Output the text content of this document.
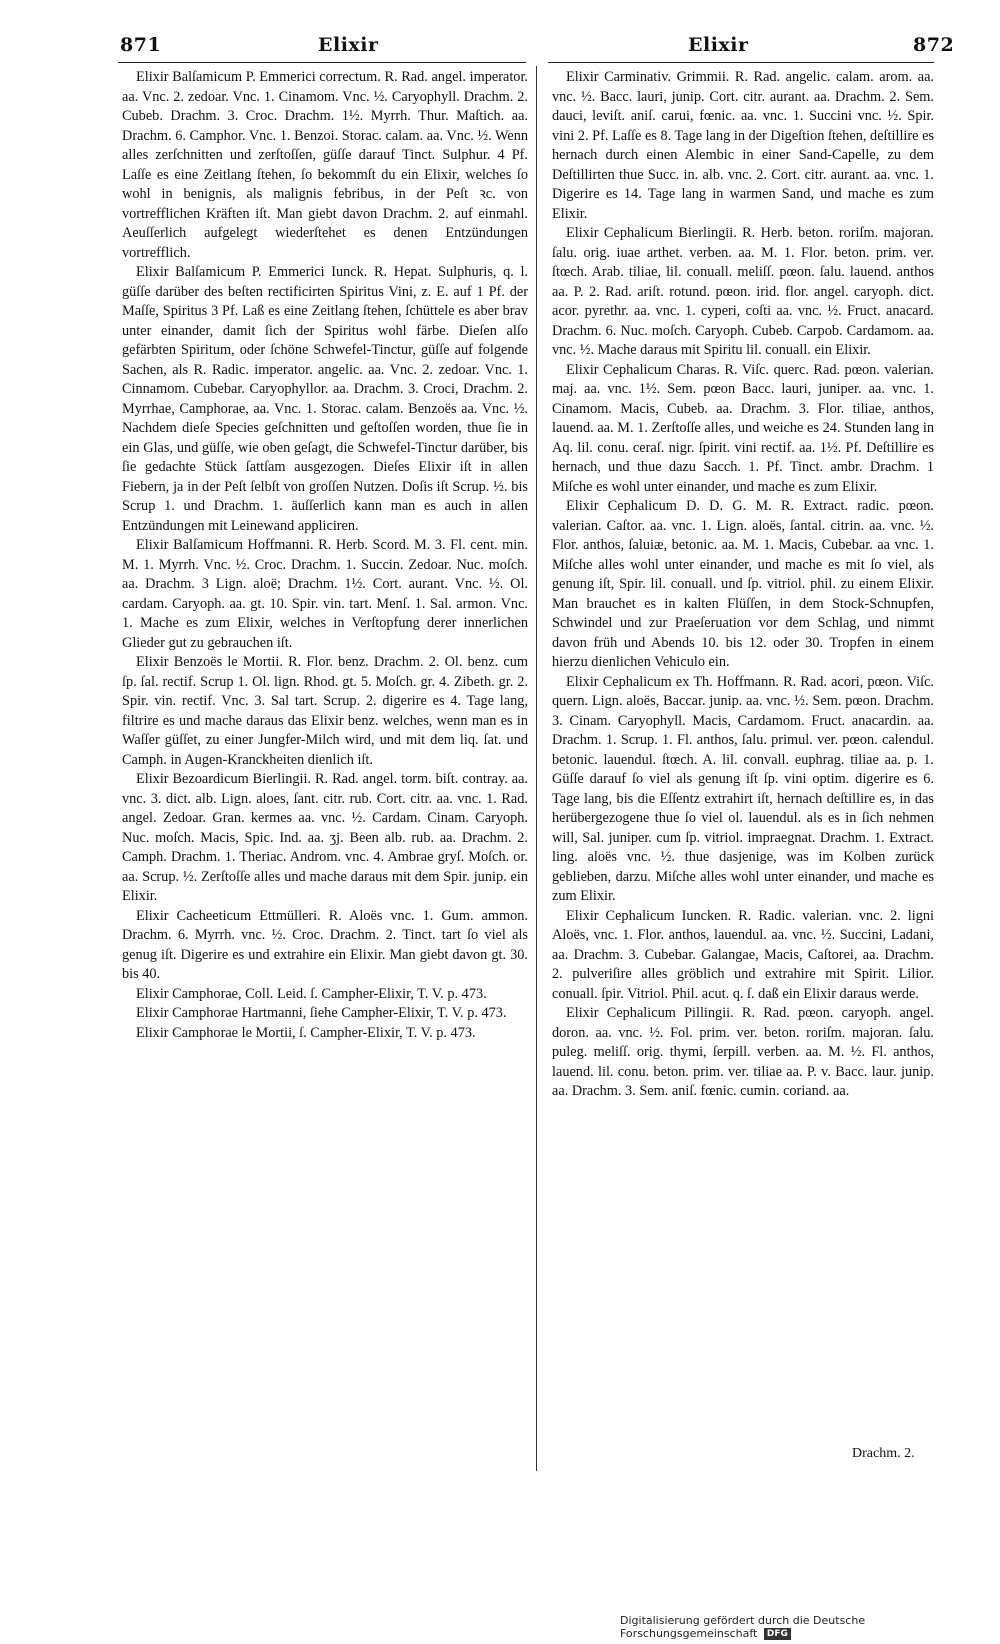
871	Elixir	Elixir	872

Elixir Balſamicum P. Emmerici correctum. R. Rad. angel. imperator. aa. Vnc. 2. zedoar. Vnc. 1. Cinamom. Vnc. ½. Caryophyll. Drachm. 2. Cubeb. Drachm. 3. Croc. Drachm. 1½. Myrrh. Thur. Maſtich. aa. Drachm. 6. Camphor. Vnc. 1. Benzoi. Storac. calam. aa. Vnc. ½. Wenn alles zerſchnitten und zerſtoſſen, güſſe darauf Tinct. Sulphur. 4 Pf. Laſſe es eine Zeitlang ſtehen, ſo bekommſt du ein Elixir, welches ſo wohl in benignis, als malignis febribus, in der Peſt ꝛc. von vortrefflichen Kräften iſt. Man giebt davon Drachm. 2. auf einmahl. Aeuſſerlich aufgelegt wiederſtehet es denen Entzündungen vortrefflich.

Elixir Balſamicum P. Emmerici Iunck. R. Hepat. Sulphuris, q. l. güſſe darüber des beſten rectificirten Spiritus Vini, z. E. auf 1 Pf. der Maſſe, Spiritus 3 Pf. Laß es eine Zeitlang ſtehen, ſchüttele es aber brav unter einander, damit ſich der Spiritus wohl färbe. Dieſen alſo gefärbten Spiritum, oder ſchöne Schwefel-Tinctur, güſſe auf folgende Sachen, als R. Radic. imperator. angelic. aa. Vnc. 2. zedoar. Vnc. 1. Cinnamom. Cubebar. Caryophyllor. aa. Drachm. 3. Croci, Drachm. 2. Myrrhae, Camphorae, aa. Vnc. 1. Storac. calam. Benzoës aa. Vnc. ½. Nachdem dieſe Species geſchnitten und geſtoſſen worden, thue ſie in ein Glas, und güſſe, wie oben geſagt, die Schwefel-Tinctur darüber, bis ſie gedachte Stück ſattſam ausgezogen. Dieſes Elixir iſt in allen Fiebern, ja in der Peſt ſelbſt von groſſen Nutzen. Doſis iſt Scrup. ½. bis Scrup 1. und Drachm. 1. äuſſerlich kann man es auch in allen Entzündungen mit Leinewand appliciren.

Elixir Balſamicum Hoffmanni. R. Herb. Scord. M. 3. Fl. cent. min. M. 1. Myrrh. Vnc. ½. Croc. Drachm. 1. Succin. Zedoar. Nuc. moſch. aa. Drachm. 3 Lign. aloë; Drachm. 1½. Cort. aurant. Vnc. ½. Ol. cardam. Caryoph. aa. gt. 10. Spir. vin. tart. Menſ. 1. Sal. armon. Vnc. 1. Mache es zum Elixir, welches in Verſtopfung derer innerlichen Glieder gut zu gebrauchen iſt.

Elixir Benzoës le Mortii. R. Flor. benz. Drachm. 2. Ol. benz. cum ſp. ſal. rectif. Scrup 1. Ol. lign. Rhod. gt. 5. Moſch. gr. 4. Zibeth. gr. 2. Spir. vin. rectif. Vnc. 3. Sal tart. Scrup. 2. digerire es 4. Tage lang, filtrire es und mache daraus das Elixir benz. welches, wenn man es in Waſſer güſſet, zu einer Jungfer-Milch wird, und mit dem liq. ſat. und Camph. in Augen-Kranckheiten dienlich iſt.

Elixir Bezoardicum Bierlingii. R. Rad. angel. torm. biſt. contray. aa. vnc. 3. dict. alb. Lign. aloes, ſant. citr. rub. Cort. citr. aa. vnc. 1. Rad. angel. Zedoar. Gran. kermes aa. vnc. ½. Cardam. Cinam. Caryoph. Nuc. moſch. Macis, Spic. Ind. aa. ʒj. Been alb. rub. aa. Drachm. 2. Camph. Drachm. 1. Theriac. Androm. vnc. 4. Ambrae gryſ. Moſch. or. aa. Scrup. ½. Zerſtoſſe alles und mache daraus mit dem Spir. junip. ein Elixir.

Elixir Cacheeticum Ettmülleri. R. Aloës vnc. 1. Gum. ammon. Drachm. 6. Myrrh. vnc. ½. Croc. Drachm. 2. Tinct. tart ſo viel als genug iſt. Digerire es und extrahire ein Elixir. Man giebt davon gt. 30. bis 40.

Elixir Camphorae, Coll. Leid. ſ. Campher-Elixir, T. V. p. 473.

Elixir Camphorae Hartmanni, ſiehe Campher-Elixir, T. V. p. 473.

Elixir Camphorae le Mortii, ſ. Campher-Elixir, T. V. p. 473.

Elixir Carminativ. Grimmii. R. Rad. angelic. calam. arom. aa. vnc. ½. Bacc. lauri, junip. Cort. citr. aurant. aa. Drachm. 2. Sem. dauci, leviſt. aniſ. carui, fœnic. aa. vnc. 1. Succini vnc. ½. Spir. vini 2. Pf. Laſſe es 8. Tage lang in der Digeſtion ſtehen, deſtillire es hernach durch einen Alembic in einer Sand-Capelle, zu dem Deſtillirten thue Succ. in. alb. vnc. 2. Cort. citr. aurant. aa. vnc. 1. Digerire es 14. Tage lang in warmen Sand, und mache es zum Elixir.

Elixir Cephalicum Bierlingii. R. Herb. beton. roriſm. majoran. ſalu. orig. iuae arthet. verben. aa. M. 1. Flor. beton. prim. ver. ſtœch. Arab. tiliae, lil. conuall. meliſſ. pœon. ſalu. lauend. anthos aa. P. 2. Rad. ariſt. rotund. pœon. irid. flor. angel. caryoph. dict. acor. pyrethr. aa. vnc. 1. cyperi, coſti aa. vnc. ½. Fruct. anacard. Drachm. 6. Nuc. moſch. Caryoph. Cubeb. Carpob. Cardamom. aa. vnc. ½. Mache daraus mit Spiritu lil. conuall. ein Elixir.

Elixir Cephalicum Charas. R. Viſc. querc. Rad. pœon. valerian. maj. aa. vnc. 1½. Sem. pœon Bacc. lauri, juniper. aa. vnc. 1. Cinamom. Macis, Cubeb. aa. Drachm. 3. Flor. tiliae, anthos, lauend. aa. M. 1. Zerſtoſſe alles, und weiche es 24. Stunden lang in Aq. lil. conu. ceraſ. nigr. ſpirit. vini rectif. aa. 1½. Pf. Deſtillire es hernach, und thue dazu Sacch. 1. Pf. Tinct. ambr. Drachm. 1 Miſche es wohl unter einander, und mache es zum Elixir.

Elixir Cephalicum D. D. G. M. R. Extract. radic. pœon. valerian. Caſtor. aa. vnc. 1. Lign. aloës, ſantal. citrin. aa. vnc. ½. Flor. anthos, ſaluiæ, betonic. aa. M. 1. Macis, Cubebar. aa vnc. 1. Miſche alles wohl unter einander, und mache es mit ſo viel, als genung iſt, Spir. lil. conuall. und ſp. vitriol. phil. zu einem Elixir. Man brauchet es in kalten Flüſſen, in dem Stock-Schnupfen, Schwindel und zur Praeſeruation vor dem Schlag, und nimmt davon früh und Abends 10. bis 12. oder 30. Tropfen in einem hierzu dienlichen Vehiculo ein.

Elixir Cephalicum ex Th. Hoffmann. R. Rad. acori, pœon. Viſc. quern. Lign. aloës, Baccar. junip. aa. vnc. ½. Sem. pœon. Drachm. 3. Cinam. Caryophyll. Macis, Cardamom. Fruct. anacardin. aa. Drachm. 1. Scrup. 1. Fl. anthos, ſalu. primul. ver. pœon. calendul. betonic. lauendul. ſtœch. A. lil. convall. euphrag. tiliae aa. p. 1. Güſſe darauf ſo viel als genung iſt ſp. vini optim. digerire es 6. Tage lang, bis die Eſſentz extrahirt iſt, hernach deſtillire es, in das herübergezogene thue ſo viel ol. lauendul. als es in ſich nehmen will, Sal. juniper. cum ſp. vitriol. impraegnat. Drachm. 1. Extract. ling. aloës vnc. ½. thue dasjenige, was im Kolben zurück geblieben, darzu. Miſche alles wohl unter einander, und mache es zum Elixir.

Elixir Cephalicum Iuncken. R. Radic. valerian. vnc. 2. ligni Aloës, vnc. 1. Flor. anthos, lauendul. aa. vnc. ½. Succini, Ladani, aa. Drachm. 3. Cubebar. Galangae, Macis, Caſtorei, aa. Drachm. 2. pulveriſire alles gröblich und extrahire mit Spirit. Lilior. conuall. ſpir. Vitriol. Phil. acut. q. ſ. daß ein Elixir daraus werde.

Elixir Cephalicum Pillingii. R. Rad. pœon. caryoph. angel. doron. aa. vnc. ½. Fol. prim. ver. beton. roriſm. majoran. ſalu. puleg. meliſſ. orig. thymi, ſerpill. verben. aa. M. ½. Fl. anthos, lauend. lil. conu. beton. prim. ver. tiliae aa. P. v. Bacc. laur. junip. aa. Drachm. 3. Sem. aniſ. fœnic. cumin. coriand. aa.

Drachm. 2.
Digitalisierung gefördert durch die Deutsche Forschungsgemeinschaft DFG
